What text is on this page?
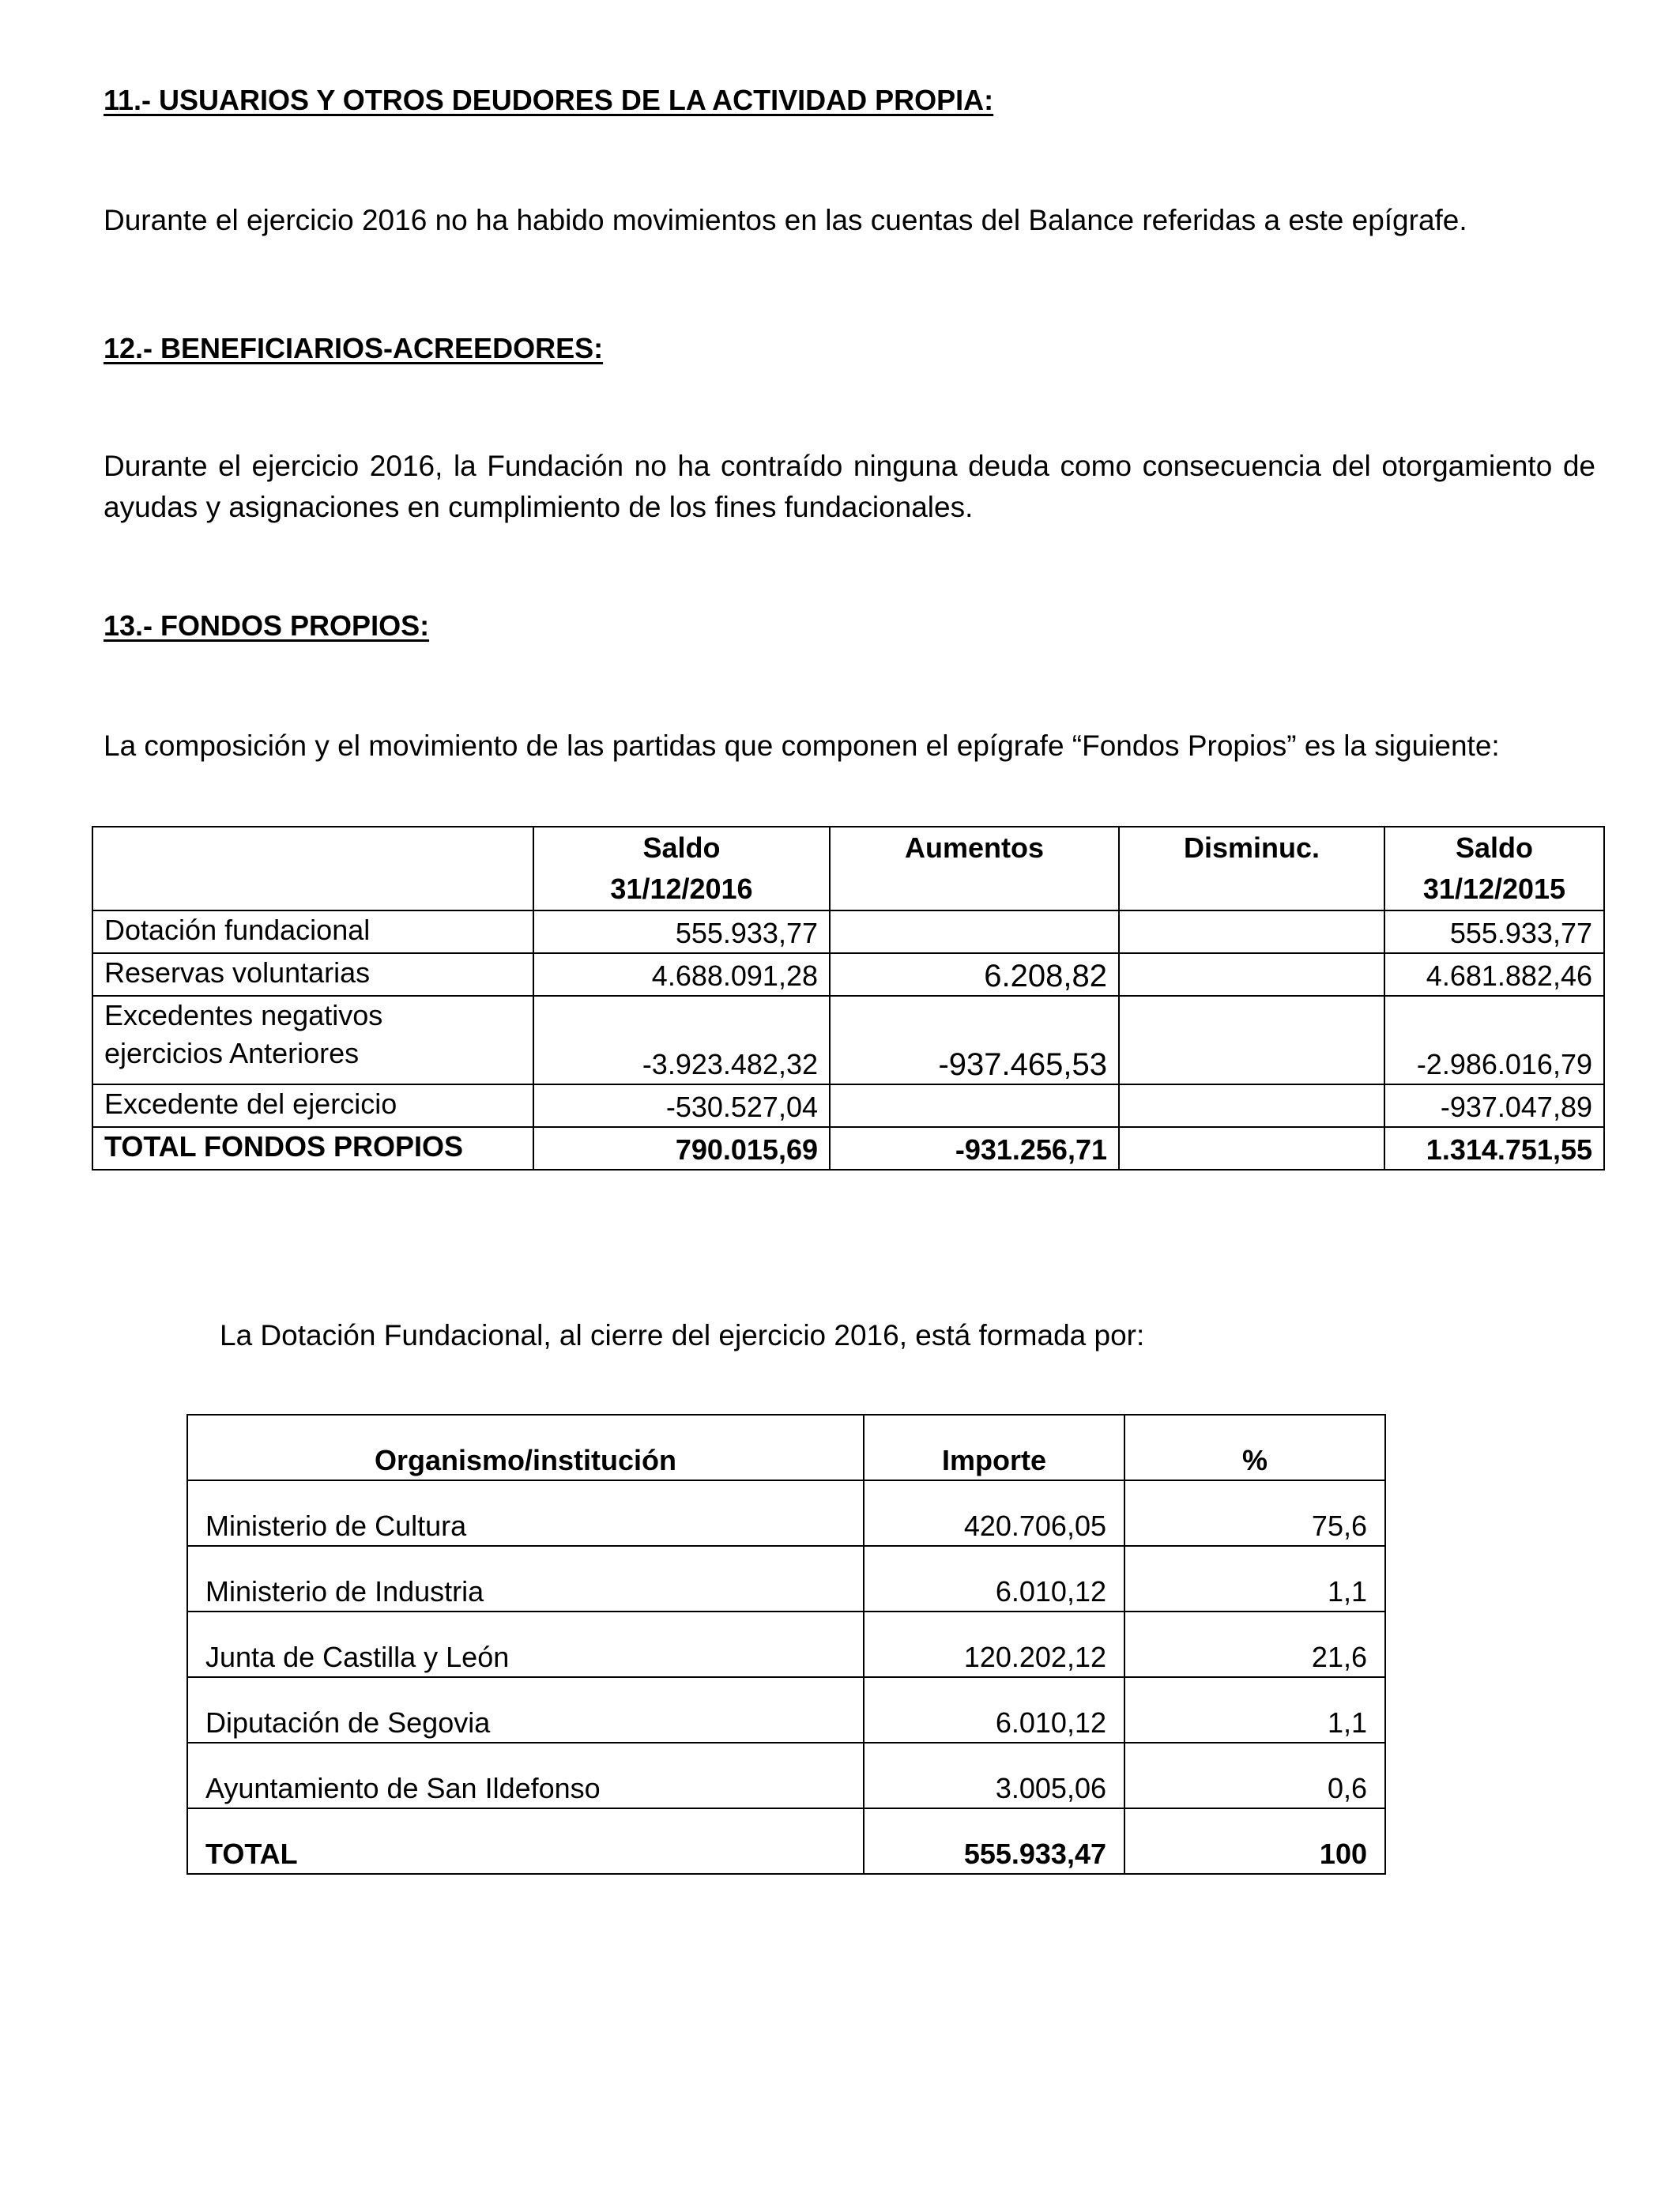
11.- USUARIOS Y OTROS DEUDORES DE LA ACTIVIDAD PROPIA:

Durante el ejercicio 2016 no ha habido movimientos en las cuentas del Balance referidas a este epígrafe.

12.- BENEFICIARIOS-ACREEDORES:

Durante el ejercicio 2016, la Fundación no ha contraído ninguna deuda como consecuencia del otorgamiento de ayudas y asignaciones en cumplimiento de los fines fundacionales.

13.- FONDOS PROPIOS:

La composición y el movimiento de las partidas que componen el epígrafe “Fondos Propios” es la siguiente:

	Saldo	Aumentos	Disminuc.	Saldo
	31/12/2016			31/12/2015
Dotación fundacional	555.933,77			555.933,77
Reservas voluntarias	4.688.091,28	6.208,82		4.681.882,46

Excedentes negativos
ejercicios Anteriores	-3.923.482,32	-937.465,53		-2.986.016,79
Excedente del ejercicio	-530.527,04			-937.047,89
TOTAL FONDOS PROPIOS	790.015,69	-931.256,71		1.314.751,55

La Dotación Fundacional, al cierre del ejercicio 2016, está formada por:

Organismo/institución	Importe	%
Ministerio de Cultura	420.706,05	75,6
Ministerio de Industria	6.010,12	1,1
Junta de Castilla y León	120.202,12	21,6
Diputación de Segovia	6.010,12	1,1
Ayuntamiento de San Ildefonso	3.005,06	0,6
TOTAL	555.933,47	100
